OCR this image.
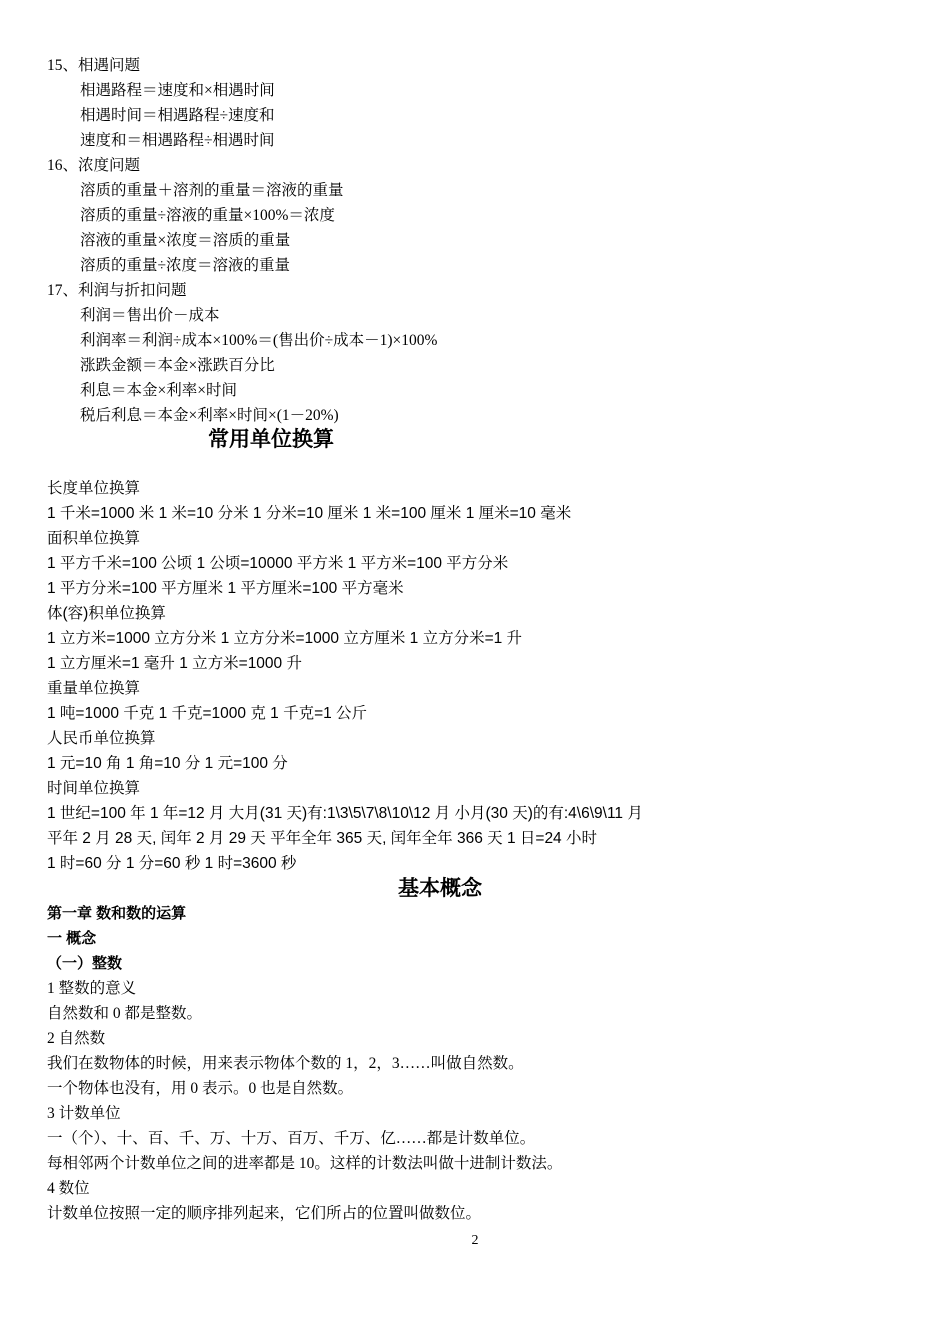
15、相遇问题
相遇路程＝速度和×相遇时间
相遇时间＝相遇路程÷速度和
速度和＝相遇路程÷相遇时间
16、浓度问题
溶质的重量＋溶剂的重量＝溶液的重量
溶质的重量÷溶液的重量×100%＝浓度
溶液的重量×浓度＝溶质的重量
溶质的重量÷浓度＝溶液的重量
17、利润与折扣问题
利润＝售出价－成本
利润率＝利润÷成本×100%＝(售出价÷成本－1)×100%
涨跌金额＝本金×涨跌百分比
利息＝本金×利率×时间
税后利息＝本金×利率×时间×(1－20%)
常用单位换算
长度单位换算
1 千米=1000 米 1 米=10 分米 1 分米=10 厘米 1 米=100 厘米 1 厘米=10 毫米
面积单位换算
1 平方千米=100 公顷 1 公顷=10000 平方米 1 平方米=100 平方分米
1 平方分米=100 平方厘米 1 平方厘米=100 平方毫米
体(容)积单位换算
1 立方米=1000 立方分米 1 立方分米=1000 立方厘米 1 立方分米=1 升
1 立方厘米=1 毫升 1 立方米=1000 升
重量单位换算
1 吨=1000 千克 1 千克=1000 克 1 千克=1 公斤
人民币单位换算
1 元=10 角 1 角=10 分 1 元=100 分
时间单位换算
1 世纪=100 年 1 年=12 月 大月(31 天)有:1\3\5\7\8\10\12 月 小月(30 天)的有:4\6\9\11 月
平年 2 月 28 天, 闰年 2 月 29 天 平年全年 365 天, 闰年全年 366 天 1 日=24 小时
1 时=60 分 1 分=60 秒 1 时=3600 秒
基本概念
第一章 数和数的运算
一 概念
（一）整数
1 整数的意义
自然数和 0 都是整数。
2 自然数
我们在数物体的时候，用来表示物体个数的 1，2，3……叫做自然数。
一个物体也没有，用 0 表示。0 也是自然数。
3 计数单位
一（个）、十、百、千、万、十万、百万、千万、亿……都是计数单位。
每相邻两个计数单位之间的进率都是 10。这样的计数法叫做十进制计数法。
4 数位
计数单位按照一定的顺序排列起来，它们所占的位置叫做数位。
2
